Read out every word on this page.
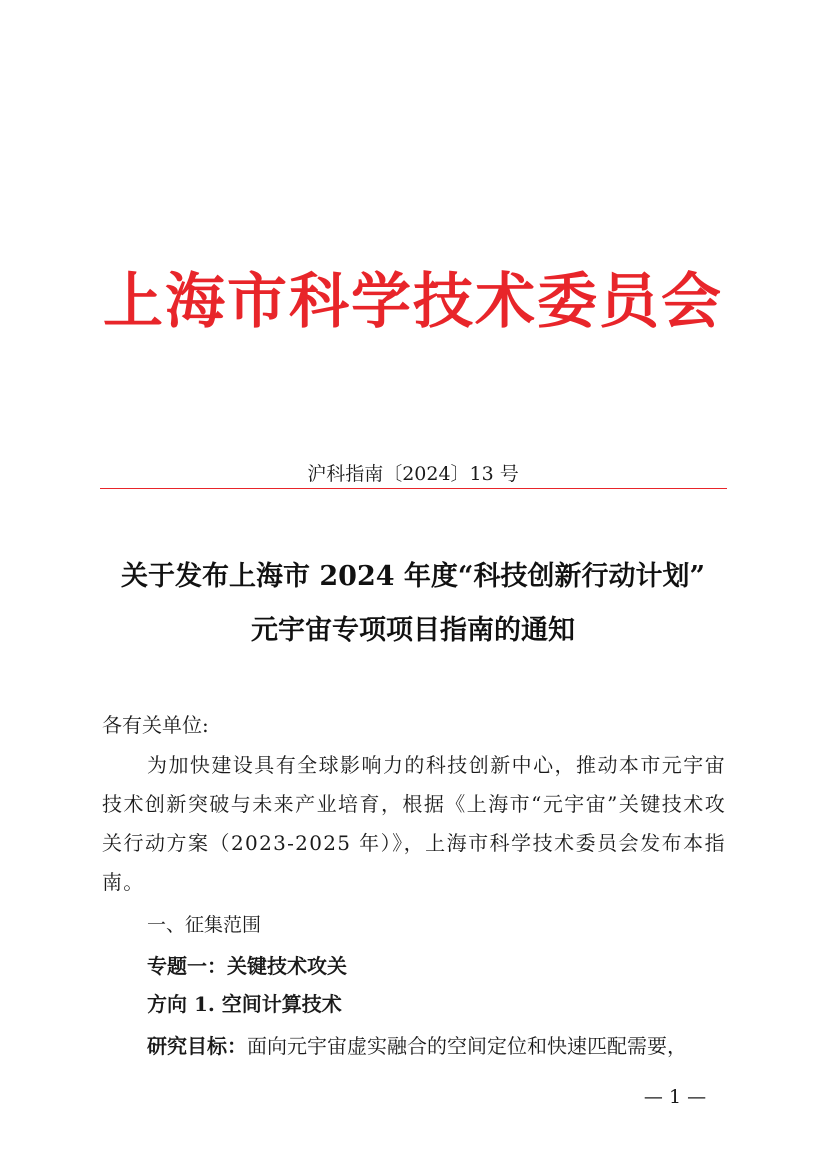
上海市科学技术委员会
沪科指南〔2024〕13 号
关于发布上海市 2024 年度“科技创新行动计划”
元宇宙专项项目指南的通知
各有关单位:
为加快建设具有全球影响力的科技创新中心，推动本市元宇宙技术创新突破与未来产业培育，根据《上海市“元宇宙”关键技术攻关行动方案（2023-2025 年）》，上海市科学技术委员会发布本指南。
一、征集范围
专题一：关键技术攻关
方向 1. 空间计算技术
研究目标：面向元宇宙虚实融合的空间定位和快速匹配需要，
— 1 —
